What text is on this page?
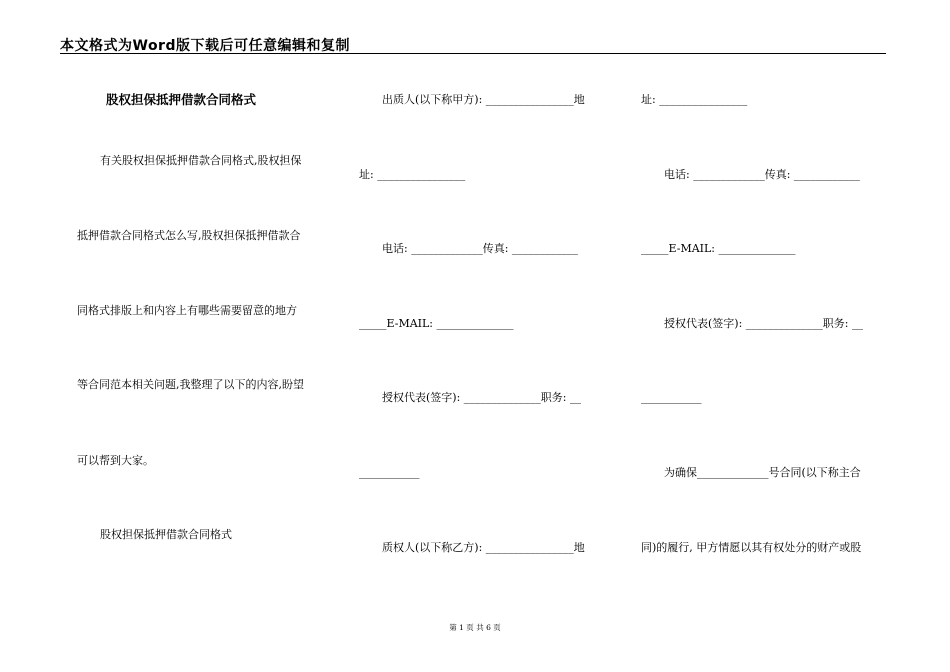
本文格式为Word版下载后可任意编辑和复制
股权担保抵押借款合同格式
有关股权担保抵押借款合同格式,股权担保
抵押借款合同格式怎么写,股权担保抵押借款合
同格式排版上和内容上有哪些需要留意的地方
等合同范本相关问题,我整理了以下的内容,盼望
可以帮到大家。
股权担保抵押借款合同格式
出质人(以下称甲方): ________________地
址: ________________
电话: _____________传真: ____________
_____E-MAIL: ______________
授权代表(签字): ______________职务: __
___________
质权人(以下称乙方): ________________地
址: ________________
电话: _____________传真: ____________
_____E-MAIL: ______________
授权代表(签字): ______________职务: __
___________
为确保_____________号合同(以下称主合
同)的履行, 甲方情愿以其有权处分的财产或股
第 1 页 共 6 页
